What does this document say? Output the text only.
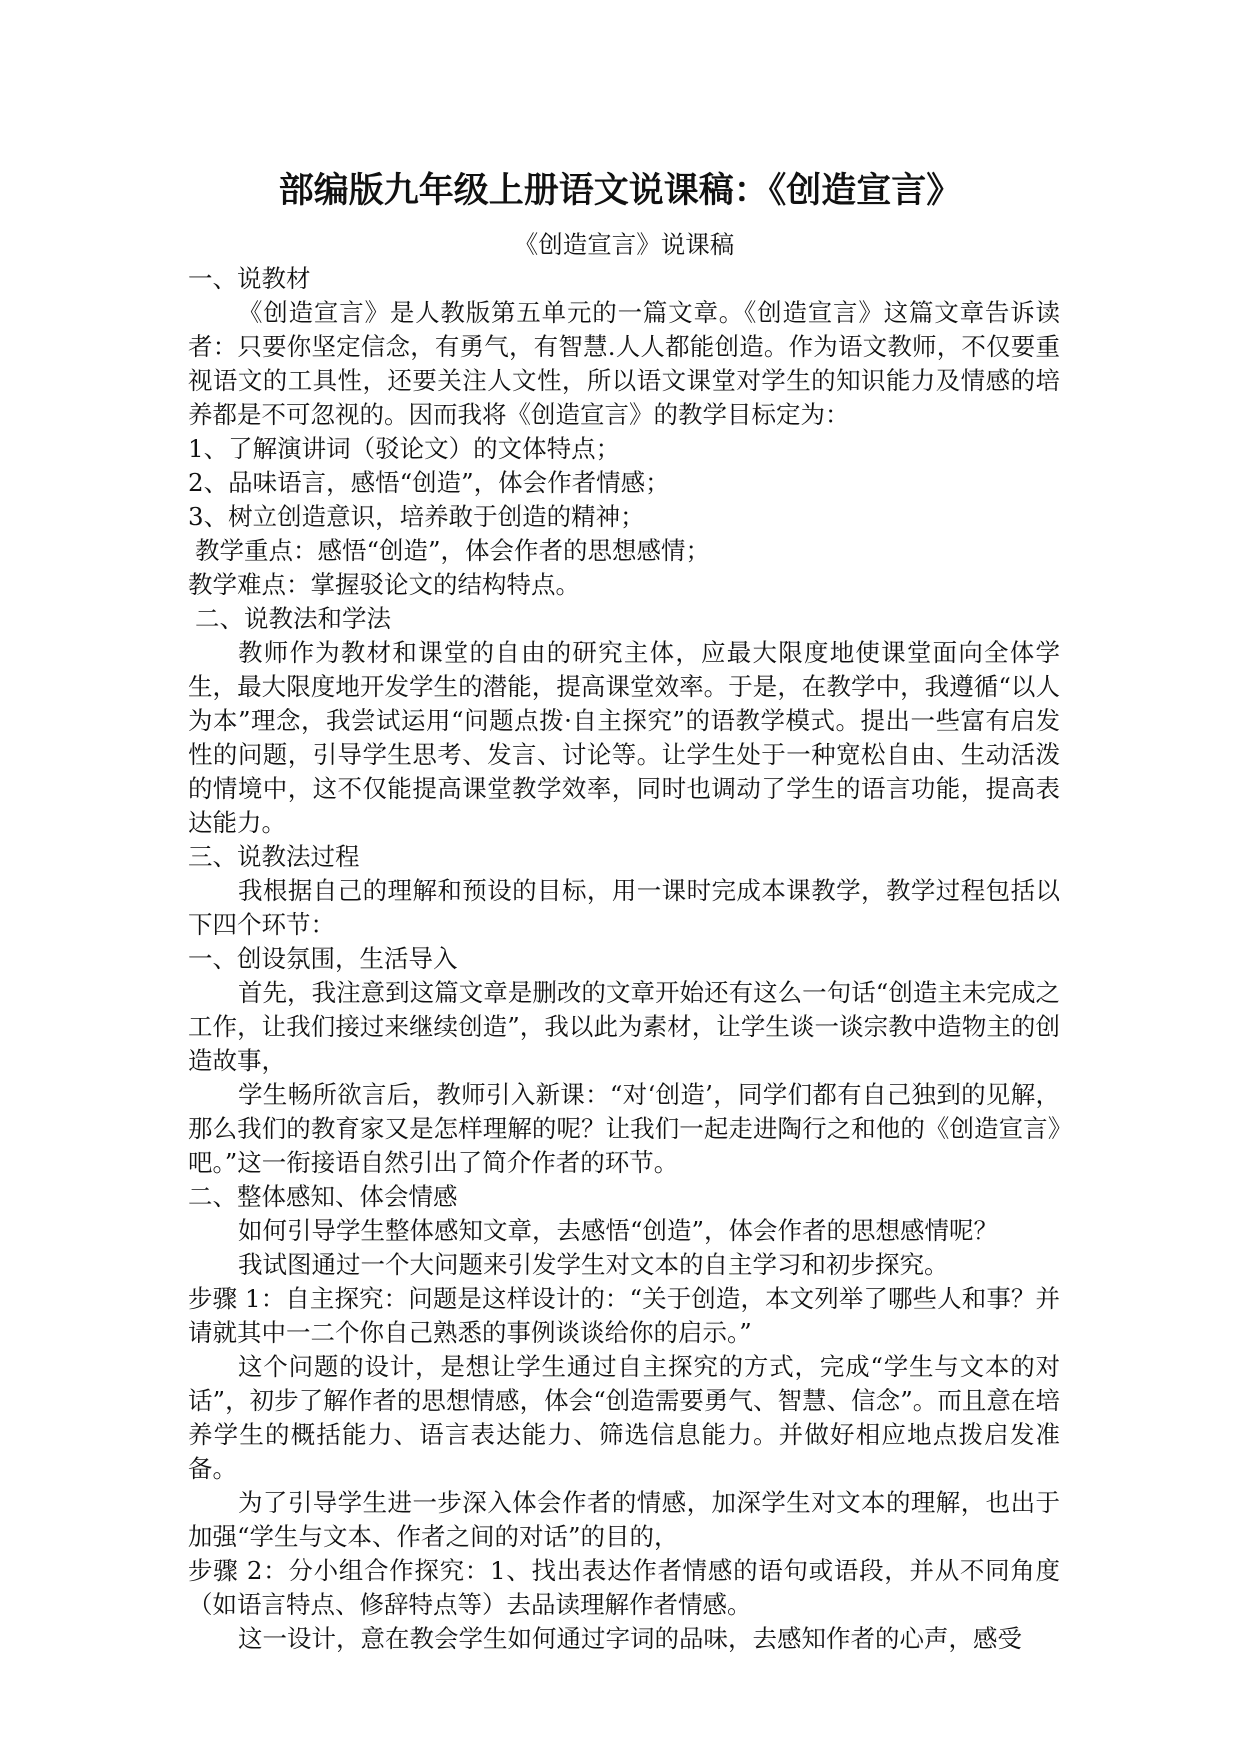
部编版九年级上册语文说课稿：《创造宣言》

《创造宣言》说课稿

一、说教材

《创造宣言》是人教版第五单元的一篇文章。《创造宣言》这篇文章告诉读者：只要你坚定信念，有勇气，有智慧.人人都能创造。作为语文教师，不仅要重视语文的工具性，还要关注人文性，所以语文课堂对学生的知识能力及情感的培养都是不可忽视的。因而我将《创造宣言》的教学目标定为：

1、了解演讲词（驳论文）的文体特点；

2、品味语言，感悟“创造”，体会作者情感；

3、树立创造意识，培养敢于创造的精神；

教学重点：感悟“创造”，体会作者的思想感情；

教学难点：掌握驳论文的结构特点。

二、说教法和学法

教师作为教材和课堂的自由的研究主体，应最大限度地使课堂面向全体学生，最大限度地开发学生的潜能，提高课堂效率。于是，在教学中，我遵循“以人为本”理念，我尝试运用“问题点拨·自主探究”的语教学模式。提出一些富有启发性的问题，引导学生思考、发言、讨论等。让学生处于一种宽松自由、生动活泼的情境中，这不仅能提高课堂教学效率，同时也调动了学生的语言功能，提高表达能力。

三、说教法过程

我根据自己的理解和预设的目标，用一课时完成本课教学，教学过程包括以下四个环节：

一、创设氛围，生活导入

首先，我注意到这篇文章是删改的文章开始还有这么一句话“创造主未完成之工作，让我们接过来继续创造”，我以此为素材，让学生谈一谈宗教中造物主的创造故事，

学生畅所欲言后，教师引入新课：“对‘创造’，同学们都有自己独到的见解，那么我们的教育家又是怎样理解的呢？让我们一起走进陶行之和他的《创造宣言》吧。”这一衔接语自然引出了简介作者的环节。

二、整体感知、体会情感

如何引导学生整体感知文章，去感悟“创造”，体会作者的思想感情呢？

我试图通过一个大问题来引发学生对文本的自主学习和初步探究。

步骤 1：自主探究：问题是这样设计的：“关于创造，本文列举了哪些人和事？并请就其中一二个你自己熟悉的事例谈谈给你的启示。”

这个问题的设计，是想让学生通过自主探究的方式，完成“学生与文本的对话”，初步了解作者的思想情感，体会“创造需要勇气、智慧、信念”。而且意在培养学生的概括能力、语言表达能力、筛选信息能力。并做好相应地点拨启发准备。

为了引导学生进一步深入体会作者的情感，加深学生对文本的理解，也出于加强“学生与文本、作者之间的对话”的目的，

步骤 2：分小组合作探究：1、找出表达作者情感的语句或语段，并从不同角度（如语言特点、修辞特点等）去品读理解作者情感。

这一设计，意在教会学生如何通过字词的品味，去感知作者的心声，感受
